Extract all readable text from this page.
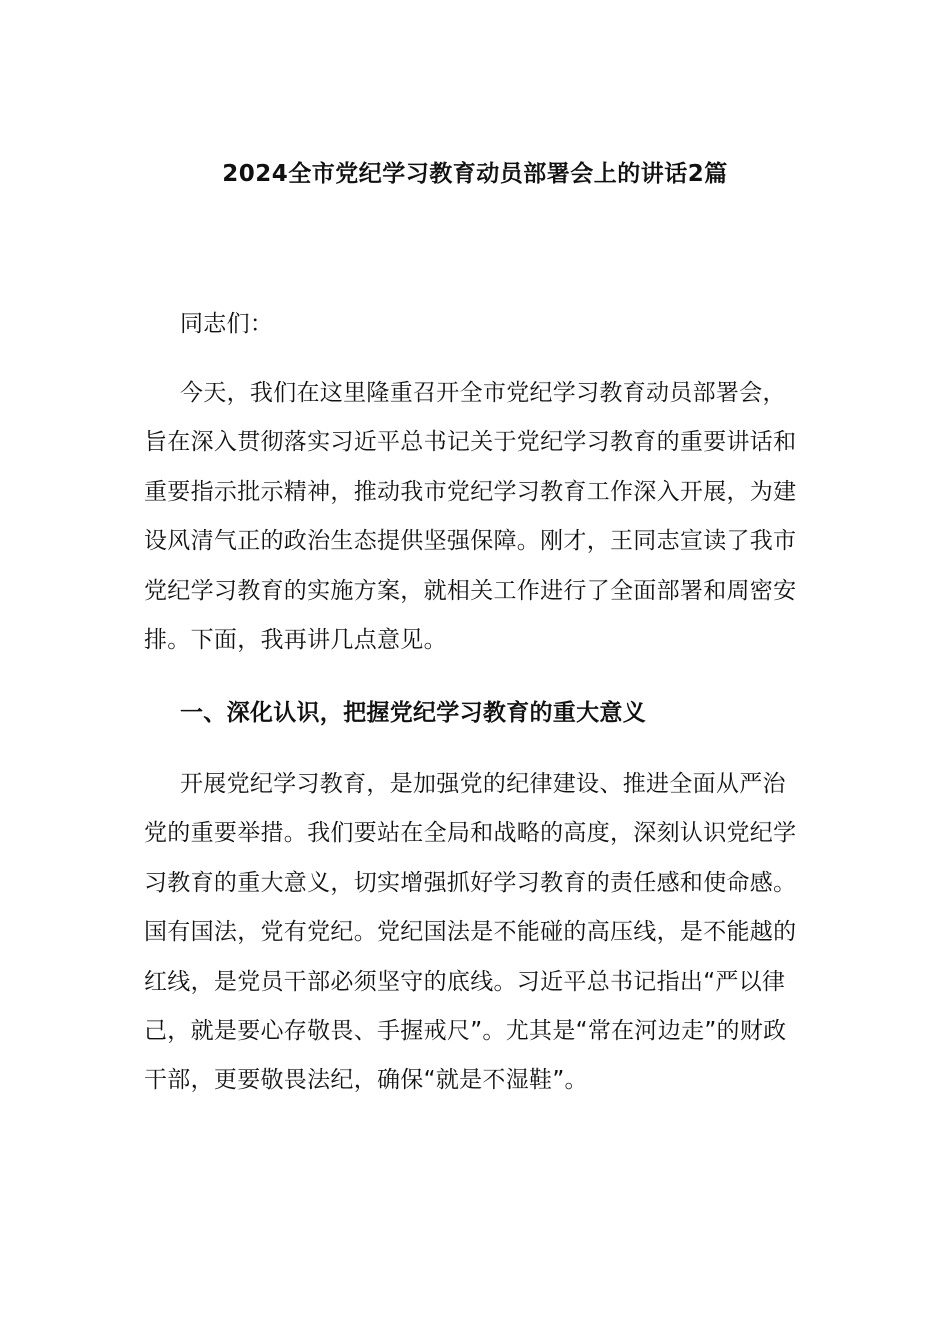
2024全市党纪学习教育动员部署会上的讲话2篇

同志们：

今天，我们在这里隆重召开全市党纪学习教育动员部署会，旨在深入贯彻落实习近平总书记关于党纪学习教育的重要讲话和重要指示批示精神，推动我市党纪学习教育工作深入开展，为建设风清气正的政治生态提供坚强保障。刚才，王同志宣读了我市党纪学习教育的实施方案，就相关工作进行了全面部署和周密安排。下面，我再讲几点意见。

一、深化认识，把握党纪学习教育的重大意义

开展党纪学习教育，是加强党的纪律建设、推进全面从严治党的重要举措。我们要站在全局和战略的高度，深刻认识党纪学习教育的重大意义，切实增强抓好学习教育的责任感和使命感。国有国法，党有党纪。党纪国法是不能碰的高压线，是不能越的红线，是党员干部必须坚守的底线。习近平总书记指出“严以律己，就是要心存敬畏、手握戒尺”。尤其是“常在河边走”的财政干部，更要敬畏法纪，确保“就是不湿鞋”。
